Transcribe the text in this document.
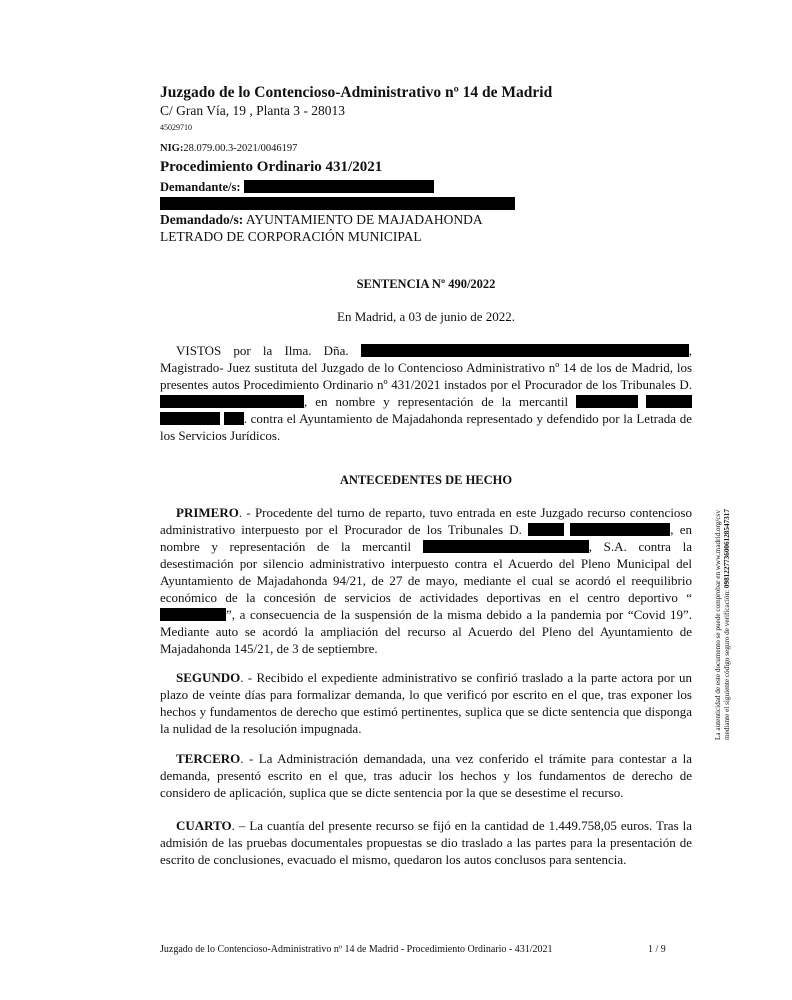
Juzgado de lo Contencioso-Administrativo nº 14 de Madrid
C/ Gran Vía, 19 , Planta 3 - 28013
45029710
NIG:28.079.00.3-2021/0046197
Procedimiento Ordinario 431/2021
Demandante/s:
Demandado/s: AYUNTAMIENTO DE MAJADAHONDA
LETRADO DE CORPORACIÓN MUNICIPAL
SENTENCIA Nº 490/2022
En Madrid, a 03 de junio de 2022.
VISTOS por la Ilma. Dña.	, Magistrado- Juez sustituta del Juzgado de lo Contencioso Administrativo nº 14 de los de Madrid, los presentes autos Procedimiento Ordinario nº 431/2021 instados por el Procurador de los Tribunales D. , en nombre y representación de la mercantil    . contra el Ayuntamiento de Majadahonda representado y defendido por la Letrada de los Servicios Jurídicos.
ANTECEDENTES DE HECHO
PRIMERO. - Procedente del turno de reparto, tuvo entrada en este Juzgado recurso contencioso administrativo interpuesto por el Procurador de los Tribunales D.	, en nombre y representación de la mercantil	, S.A. contra la desestimación por silencio administrativo interpuesto contra el Acuerdo del Pleno Municipal del Ayuntamiento de Majadahonda 94/21, de 27 de mayo, mediante el cual se acordó el reequilibrio económico de la concesión de servicios de actividades deportivas en el centro deportivo “”, a consecuencia de la suspensión de la misma debido a la pandemia por “Covid 19”. Mediante auto se acordó la ampliación del recurso al Acuerdo del Pleno del Ayuntamiento de Majadahonda 145/21, de 3 de septiembre.
SEGUNDO. - Recibido el expediente administrativo se confirió traslado a la parte actora por un plazo de veinte días para formalizar demanda, lo que verificó por escrito en el que, tras exponer los hechos y fundamentos de derecho que estimó pertinentes, suplica que se dicte sentencia que disponga la nulidad de la resolución impugnada.
TERCERO. - La Administración demandada, una vez conferido el trámite para contestar a la demanda, presentó escrito en el que, tras aducir los hechos y los fundamentos de derecho de considero de aplicación, suplica que se dicte sentencia por la que se desestime el recurso.
CUARTO. – La cuantía del presente recurso se fijó en la cantidad de 1.449.758,05 euros. Tras la admisión de las pruebas documentales propuestas se dio traslado a las partes para la presentación de escrito de conclusiones, evacuado el mismo, quedaron los autos conclusos para sentencia.
Juzgado de lo Contencioso-Administrativo nº 14 de Madrid - Procedimiento Ordinario - 431/2021	1 / 9
La autenticidad de este documento se puede comprobar en www.madrid.org/csv mediante el siguiente código seguro de verificación: 0981227736006128547317
